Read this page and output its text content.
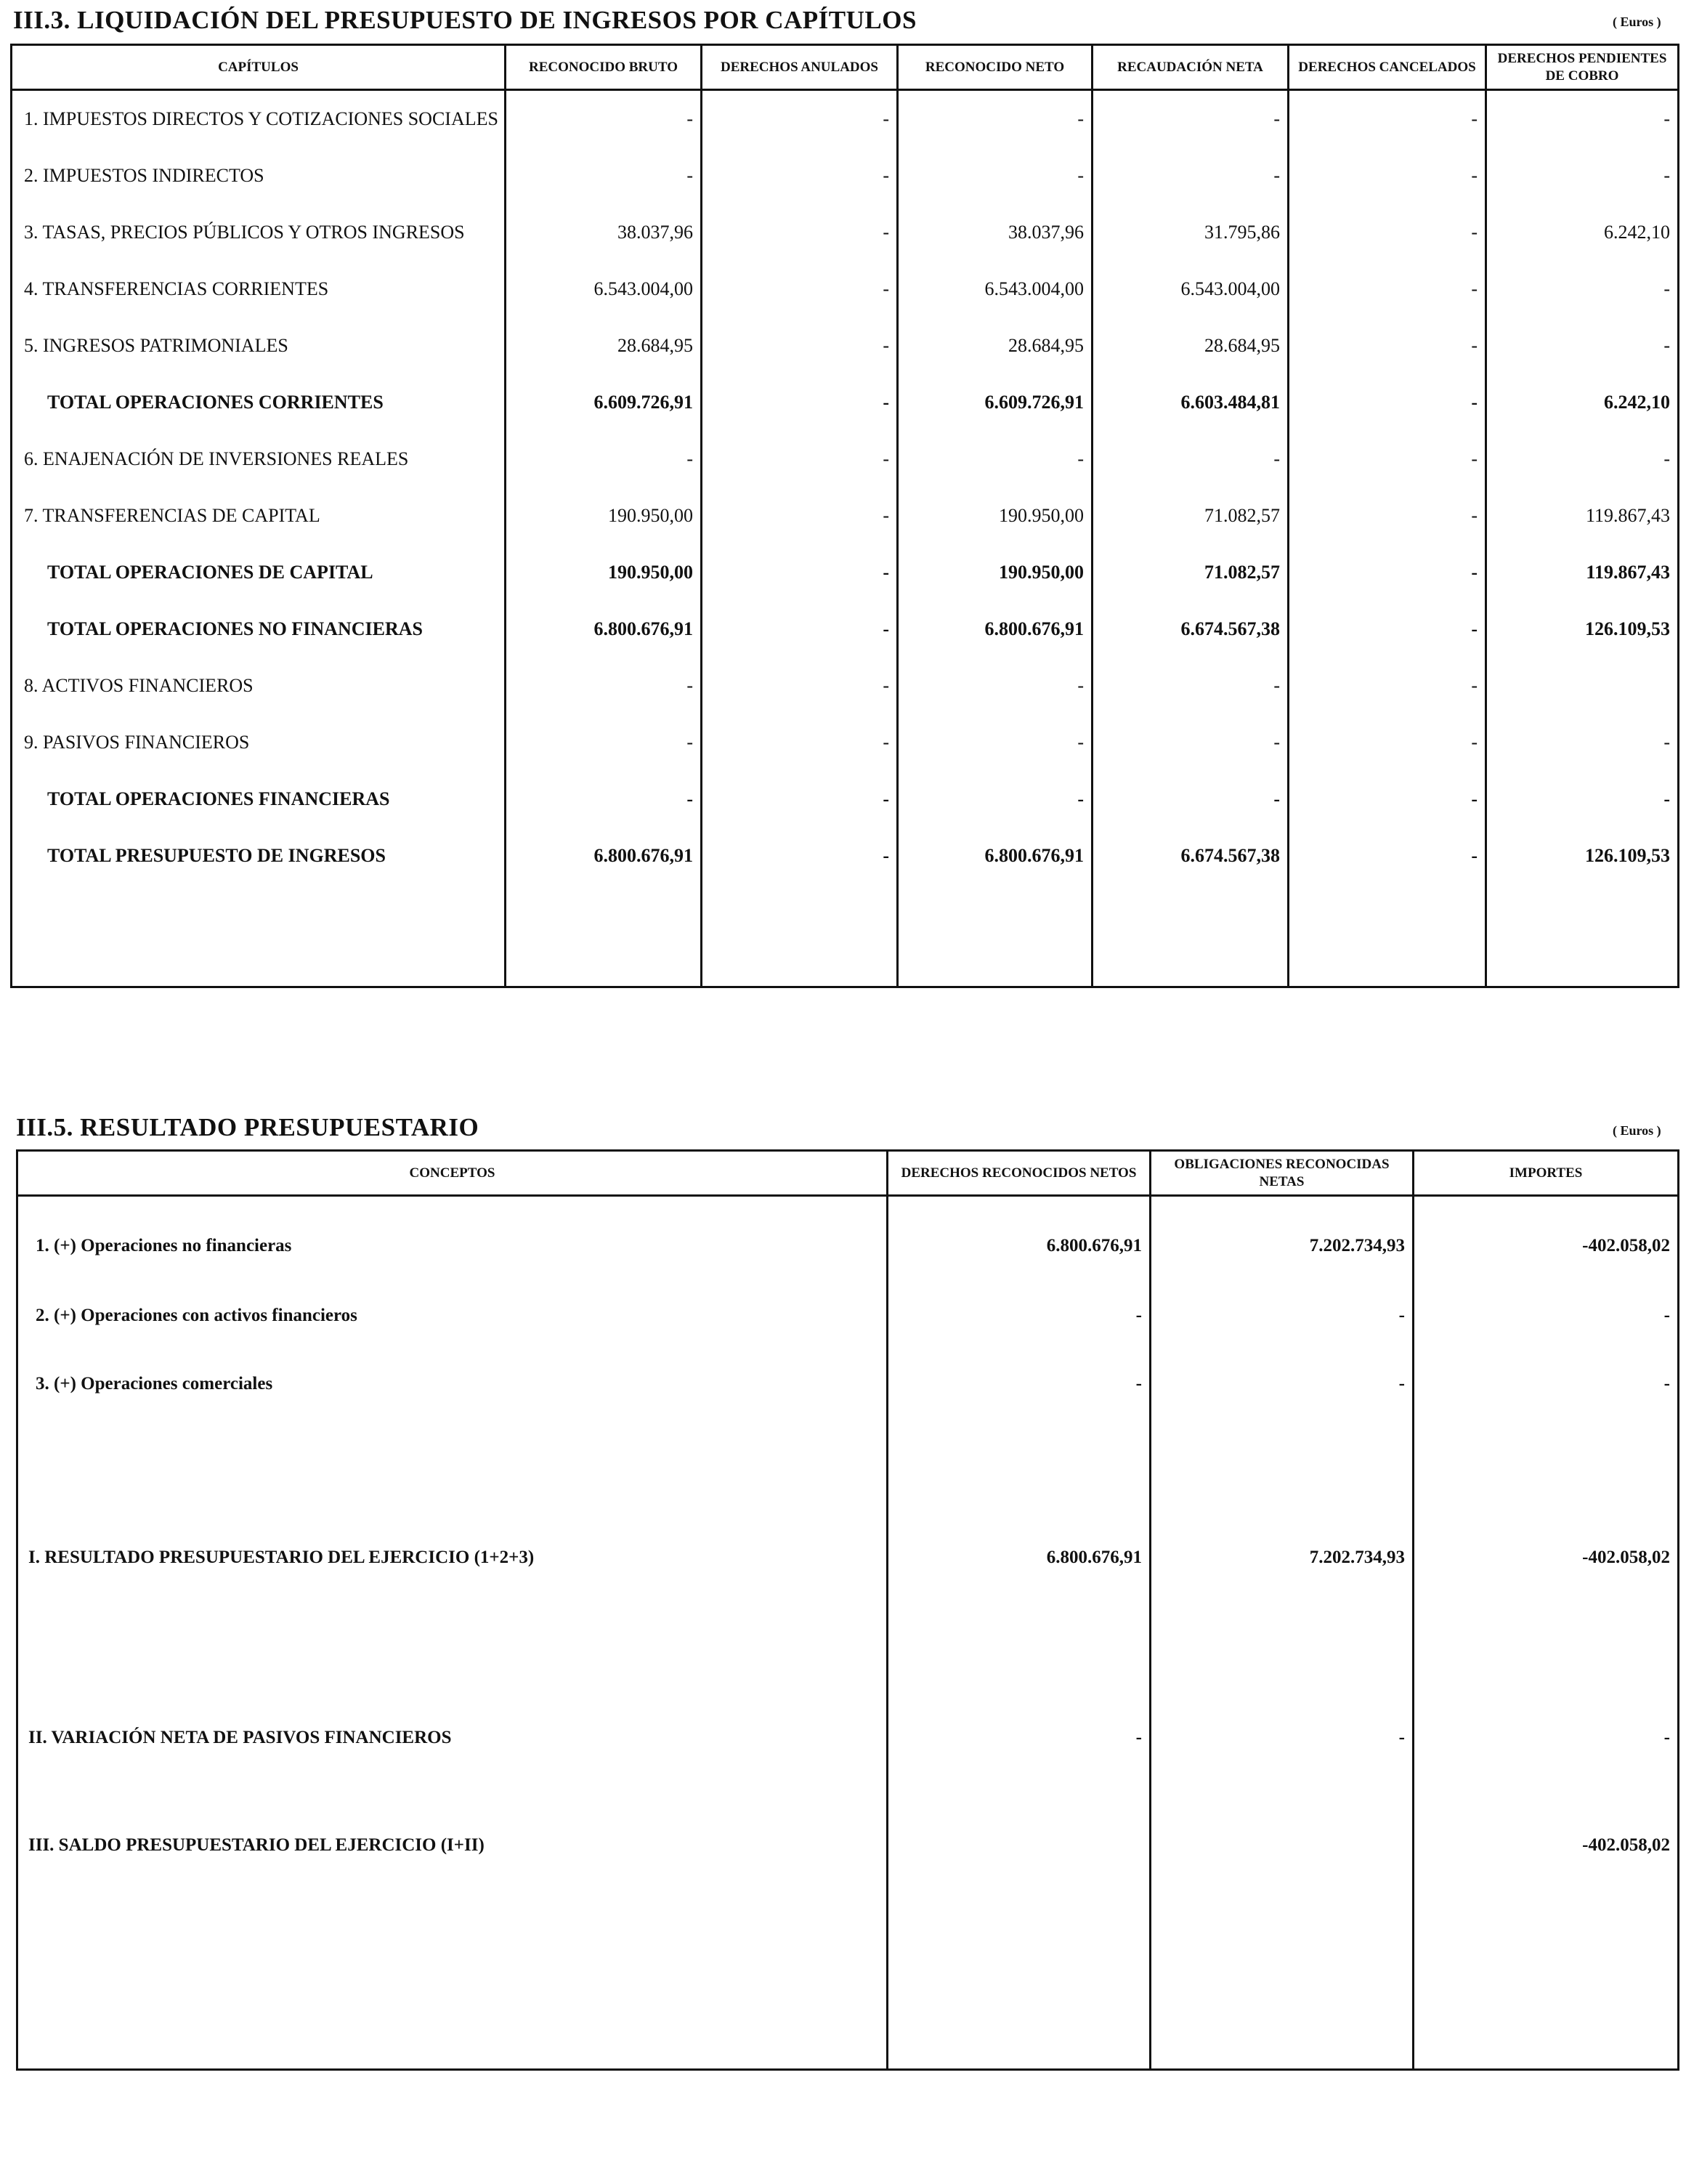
III.3. LIQUIDACIÓN DEL PRESUPUESTO DE INGRESOS POR CAPÍTULOS	( Euros )
CAPÍTULOS	RECONOCIDO BRUTO	DERECHOS ANULADOS	RECONOCIDO NETO	RECAUDACIÓN NETA	DERECHOS CANCELADOS	DERECHOS PENDIENTES DE COBRO
1. IMPUESTOS DIRECTOS Y COTIZACIONES SOCIALES	-	-	-	-	-	-
2. IMPUESTOS INDIRECTOS	-	-	-	-	-	-
3. TASAS, PRECIOS PÚBLICOS Y OTROS INGRESOS	38.037,96	-	38.037,96	31.795,86	-	6.242,10
4. TRANSFERENCIAS CORRIENTES	6.543.004,00	-	6.543.004,00	6.543.004,00	-	-
5. INGRESOS PATRIMONIALES	28.684,95	-	28.684,95	28.684,95	-	-
TOTAL OPERACIONES CORRIENTES	6.609.726,91	-	6.609.726,91	6.603.484,81	-	6.242,10
6. ENAJENACIÓN DE INVERSIONES REALES	-	-	-	-	-	-
7. TRANSFERENCIAS DE CAPITAL	190.950,00	-	190.950,00	71.082,57	-	119.867,43
TOTAL OPERACIONES DE CAPITAL	190.950,00	-	190.950,00	71.082,57	-	119.867,43
TOTAL OPERACIONES NO FINANCIERAS	6.800.676,91	-	6.800.676,91	6.674.567,38	-	126.109,53
8. ACTIVOS FINANCIEROS	-	-	-	-	-	
9. PASIVOS FINANCIEROS	-	-	-	-	-	-
TOTAL OPERACIONES FINANCIERAS	-	-	-	-	-	-
TOTAL PRESUPUESTO DE INGRESOS	6.800.676,91	-	6.800.676,91	6.674.567,38	-	126.109,53

III.5. RESULTADO PRESUPUESTARIO	( Euros )
CONCEPTOS	DERECHOS RECONOCIDOS NETOS	OBLIGACIONES RECONOCIDAS NETAS	IMPORTES
1. (+) Operaciones no financieras	6.800.676,91	7.202.734,93	-402.058,02
2. (+) Operaciones con activos financieros	-	-	-
3. (+) Operaciones comerciales	-	-	-
I. RESULTADO PRESUPUESTARIO DEL EJERCICIO (1+2+3)	6.800.676,91	7.202.734,93	-402.058,02
II. VARIACIÓN NETA DE PASIVOS FINANCIEROS	-	-	-
III. SALDO PRESUPUESTARIO DEL EJERCICIO (I+II)			-402.058,02
